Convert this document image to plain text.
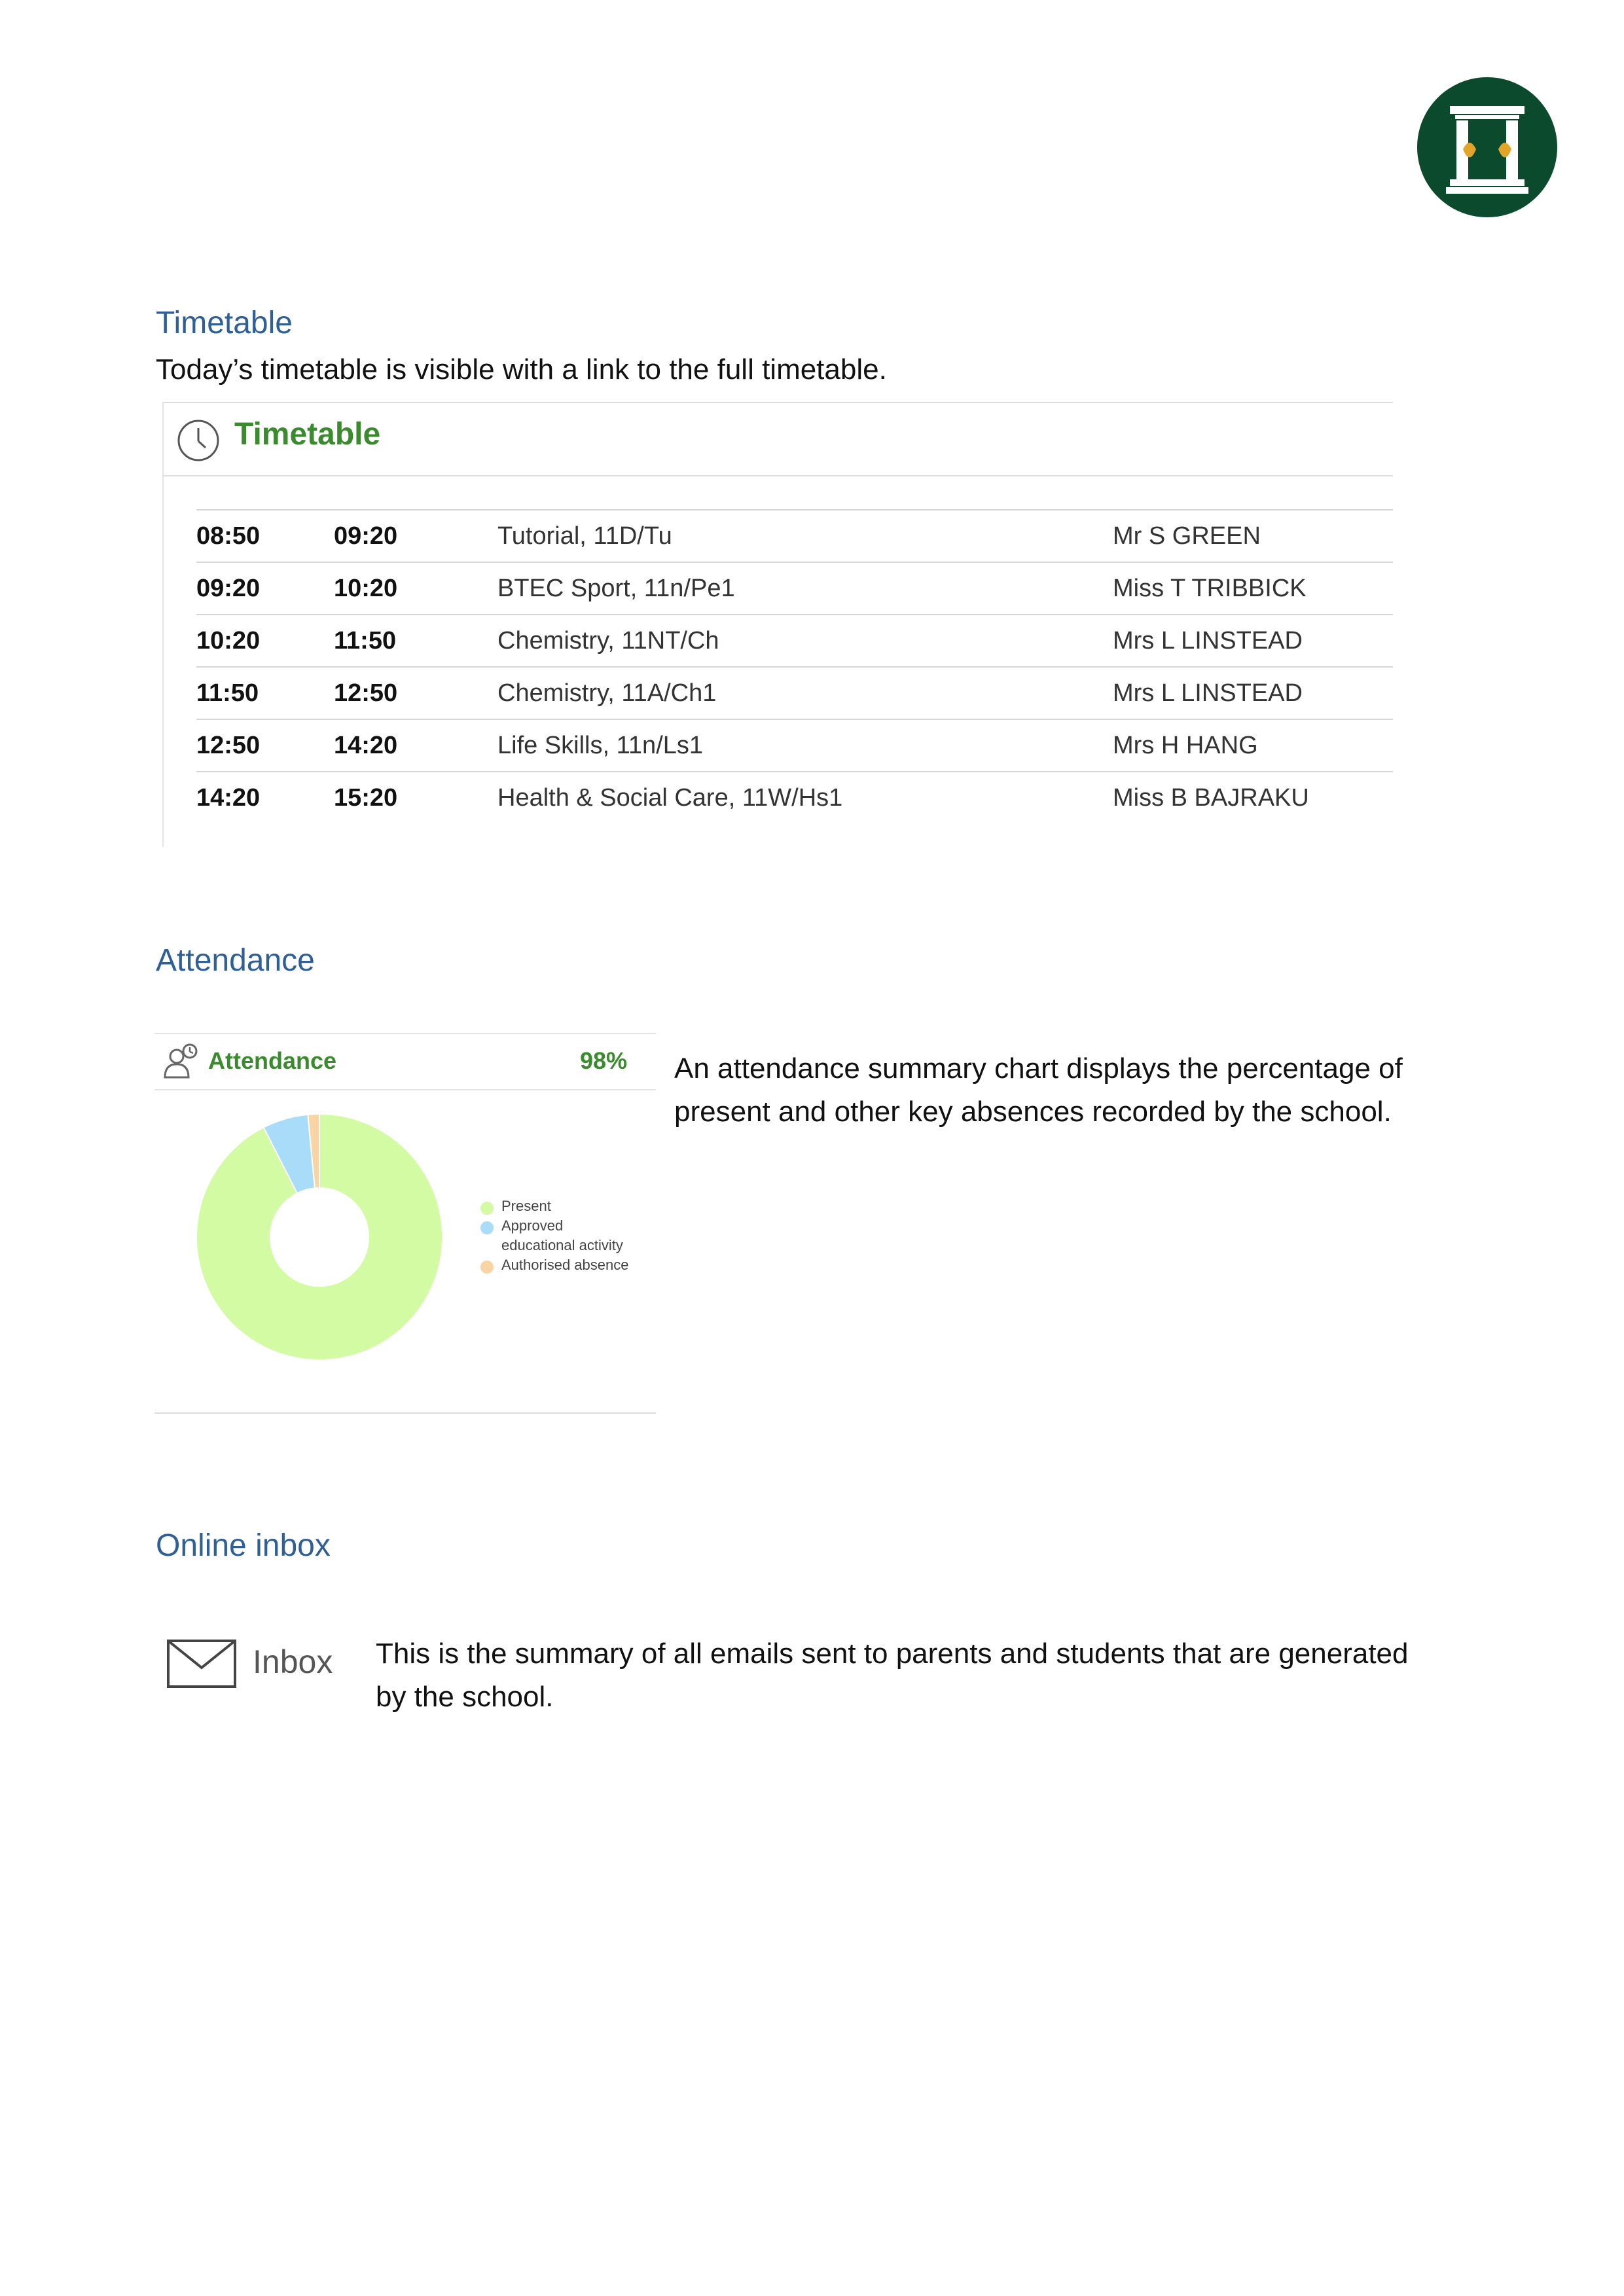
Timetable
Today’s timetable is visible with a link to the full timetable.
Timetable
08:50	09:20	Tutorial, 11D/Tu	Mr S GREEN
09:20	10:20	BTEC Sport, 11n/Pe1	Miss T TRIBBICK
10:20	11:50	Chemistry, 11NT/Ch	Mrs L LINSTEAD
11:50	12:50	Chemistry, 11A/Ch1	Mrs L LINSTEAD
12:50	14:20	Life Skills, 11n/Ls1	Mrs H HANG
14:20	15:20	Health & Social Care, 11W/Hs1	Miss B BAJRAKU
Attendance
Attendance	98%
Present
Approved
educational activity
Authorised absence
An attendance summary chart displays the percentage of
present and other key absences recorded by the school.
Online inbox
Inbox This is the summary of all emails sent to parents and students that are generated
by the school.
